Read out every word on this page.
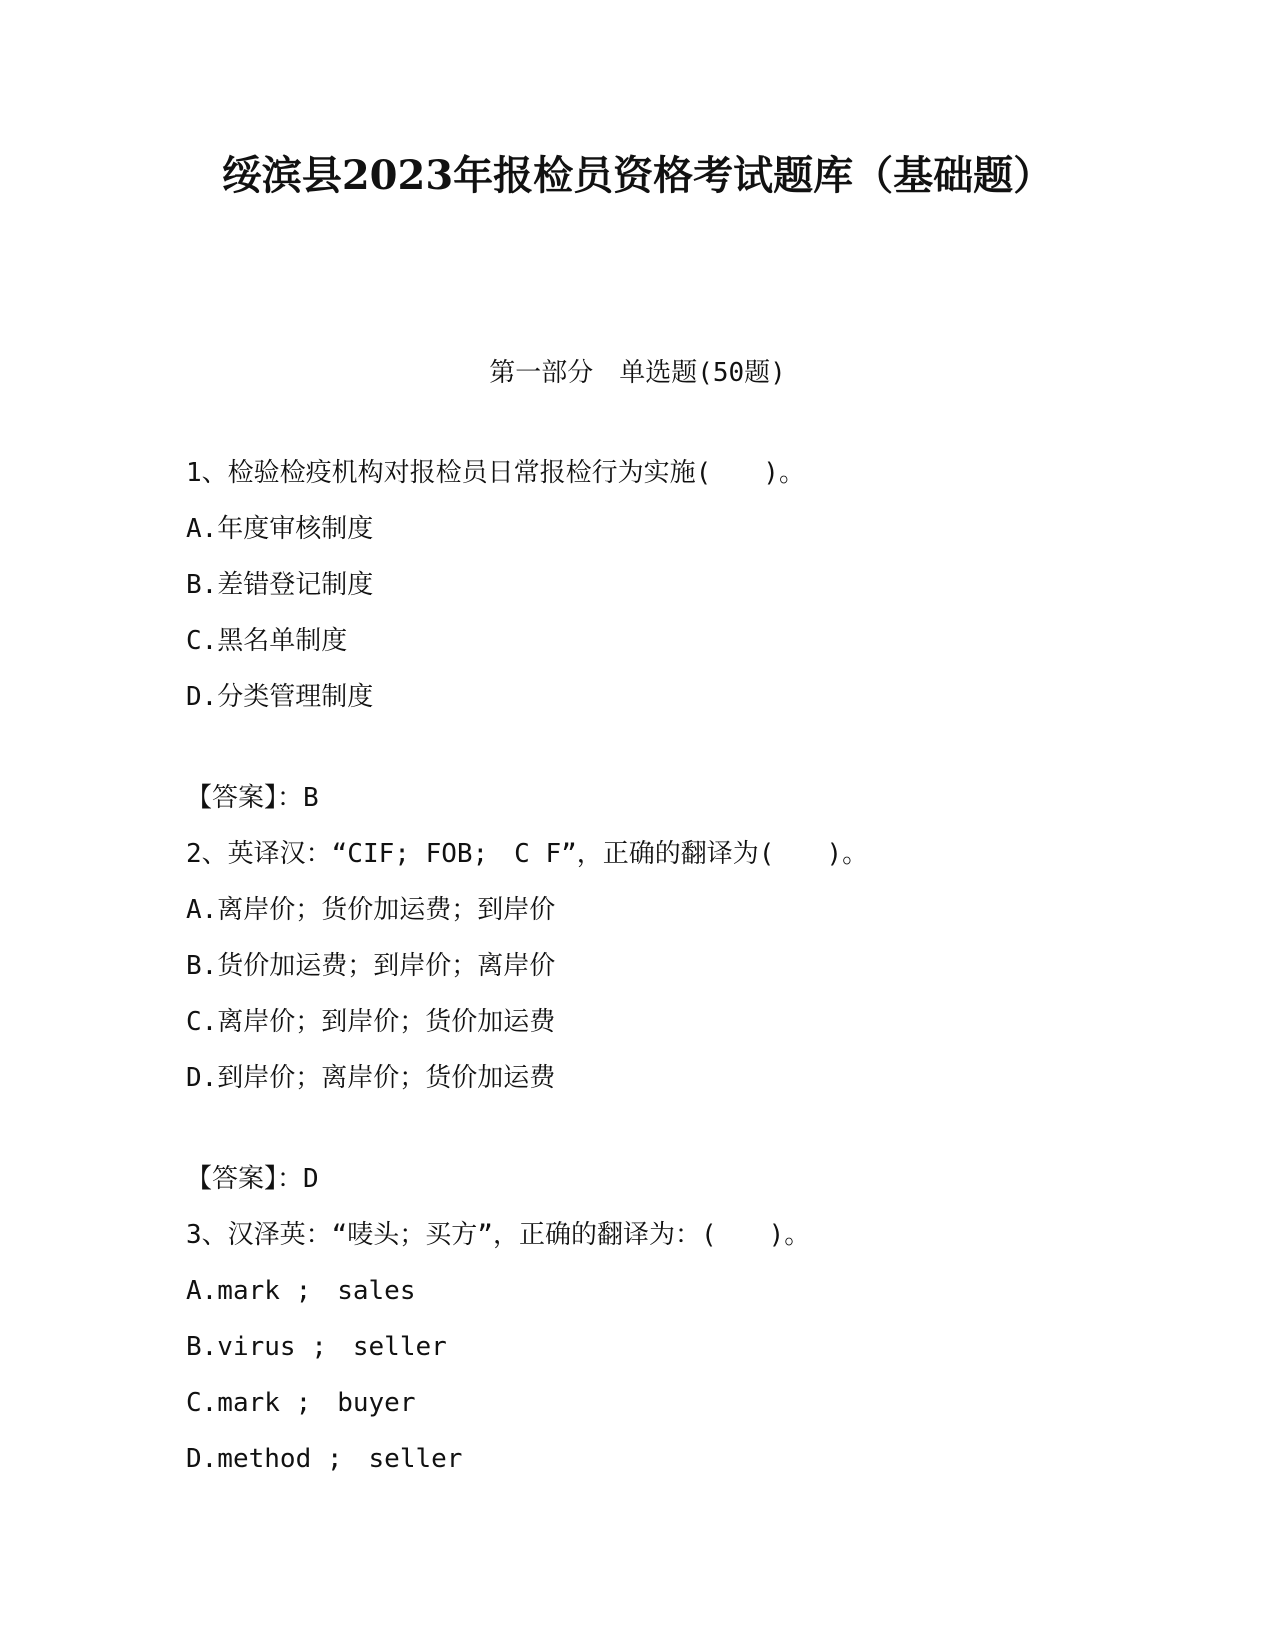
绥滨县2023年报检员资格考试题库（基础题）
第一部分　单选题(50题)
1、检验检疫机构对报检员日常报检行为实施(　　)。
A.年度审核制度
B.差错登记制度
C.黑名单制度
D.分类管理制度
【答案】：B
2、英译汉：“CIF; FOB;　C F”，正确的翻译为(　　)。
A.离岸价；货价加运费；到岸价
B.货价加运费；到岸价；离岸价
C.离岸价；到岸价；货价加运费
D.到岸价；离岸价；货价加运费
【答案】：D
3、汉泽英：“唛头；买方”，正确的翻译为：(　　)。
A.mark ;　sales
B.virus ;　seller
C.mark ;　buyer
D.method ;　seller
